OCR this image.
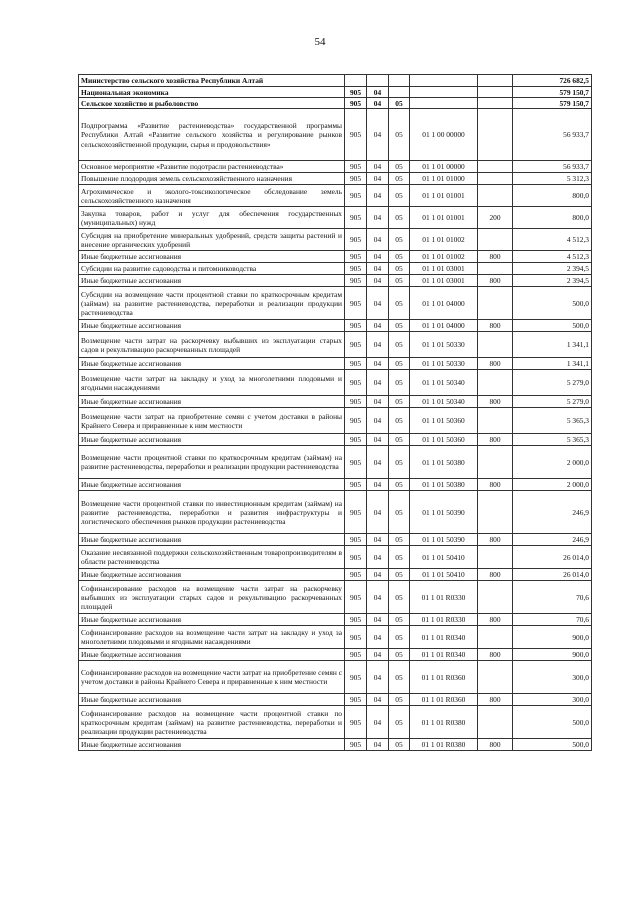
54
Министерство сельского хозяйства Республики Алтай						726 682,5
Национальная экономика	905	04				579 150,7
Сельское хозяйство и рыболовство	905	04	05			579 150,7
Подпрограмма «Развитие растениеводства» государственной программы Республики Алтай «Развитие сельского хозяйства и регулирование рынков сельскохозяйственной продукции, сырья и продовольствия»	905	04	05	01 1 00 00000		56 933,7
Основное мероприятие «Развитие подотрасли растениеводства»	905	04	05	01 1 01 00000		56 933,7
Повышение плодородия земель сельскохозяйственного назначения	905	04	05	01 1 01 01000		5 312,3
Агрохимическое и эколого-токсикологическое обследование земель сельскохозяйственного назначения	905	04	05	01 1 01 01001		800,0
Закупка товаров, работ и услуг для обеспечения государственных (муниципальных) нужд	905	04	05	01 1 01 01001	200	800,0
Субсидия на приобретение минеральных удобрений, средств защиты растений и внесение органических удобрений	905	04	05	01 1 01 01002		4 512,3
Иные бюджетные ассигнования	905	04	05	01 1 01 01002	800	4 512,3
Субсидии на развитие садоводства и питомниководства	905	04	05	01 1 01 03001		2 394,5
Иные бюджетные ассигнования	905	04	05	01 1 01 03001	800	2 394,5
Субсидии на возмещение части процентной ставки по краткосрочным кредитам (займам) на развитие растениеводства, переработки и реализации продукции растениеводства	905	04	05	01 1 01 04000		500,0
Иные бюджетные ассигнования	905	04	05	01 1 01 04000	800	500,0
Возмещение части затрат на раскорчевку выбывших из эксплуатации старых садов и рекультивацию раскорчеванных площадей	905	04	05	01 1 01 50330		1 341,1
Иные бюджетные ассигнования	905	04	05	01 1 01 50330	800	1 341,1
Возмещение части затрат на закладку и уход за многолетними плодовыми и ягодными насаждениями	905	04	05	01 1 01 50340		5 279,0
Иные бюджетные ассигнования	905	04	05	01 1 01 50340	800	5 279,0
Возмещение части затрат на приобретение семян с учетом доставки в районы Крайнего Севера и приравненные к ним местности	905	04	05	01 1 01 50360		5 365,3
Иные бюджетные ассигнования	905	04	05	01 1 01 50360	800	5 365,3
Возмещение части процентной ставки по краткосрочным кредитам (займам) на развитие растениеводства, переработки и реализации продукции растениеводства	905	04	05	01 1 01 50380		2 000,0
Иные бюджетные ассигнования	905	04	05	01 1 01 50380	800	2 000,0
Возмещение части процентной ставки по инвестиционным кредитам (займам) на развитие растениеводства, переработки и развития инфраструктуры и логистического обеспечения рынков продукции растениеводства	905	04	05	01 1 01 50390		246,9
Иные бюджетные ассигнования	905	04	05	01 1 01 50390	800	246,9
Оказание несвязанной поддержки сельскохозяйственным товаропроизводителям в области растениеводства	905	04	05	01 1 01 50410		26 014,0
Иные бюджетные ассигнования	905	04	05	01 1 01 50410	800	26 014,0
Софинансирование расходов на возмещение части затрат на раскорчевку выбывших из эксплуатации старых садов и рекультивацию раскорчеванных площадей	905	04	05	01 1 01 R0330		70,6
Иные бюджетные ассигнования	905	04	05	01 1 01 R0330	800	70,6
Софинансирование расходов на возмещение части затрат на закладку и уход за многолетними плодовыми и ягодными насаждениями	905	04	05	01 1 01 R0340		900,0
Иные бюджетные ассигнования	905	04	05	01 1 01 R0340	800	900,0
Софинансирование расходов на возмещение части затрат на приобретение семян с учетом доставки в районы Крайнего Севера и приравненные к ним местности	905	04	05	01 1 01 R0360		300,0
Иные бюджетные ассигнования	905	04	05	01 1 01 R0360	800	300,0
Софинансирование расходов на возмещение части процентной ставки по краткосрочным кредитам (займам) на развитие растениеводства, переработки и реализации продукции растениеводства	905	04	05	01 1 01 R0380		500,0
Иные бюджетные ассигнования	905	04	05	01 1 01 R0380	800	500,0
